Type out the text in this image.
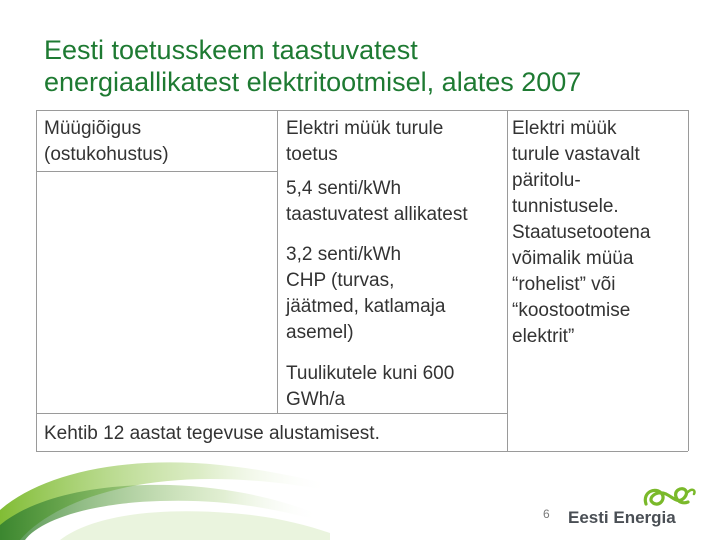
Eesti toetusskeem taastuvatest
energiaallikatest elektritootmisel, alates 2007
Müügiõigus
(ostukohustus)
Elektri müük turule
toetus
5,4 senti/kWh
taastuvatest allikatest
3,2 senti/kWh
CHP (turvas,
jäätmed, katlamaja
asemel)
Tuulikutele kuni 600
GWh/a
Elektri müük
turule vastavalt
päritolu-
tunnistusele.
Staatusetootena
võimalik müüa
“rohelist” või
“koostootmise
elektrit”
Kehtib 12 aastat tegevuse alustamisest.
6 Eesti Energia
